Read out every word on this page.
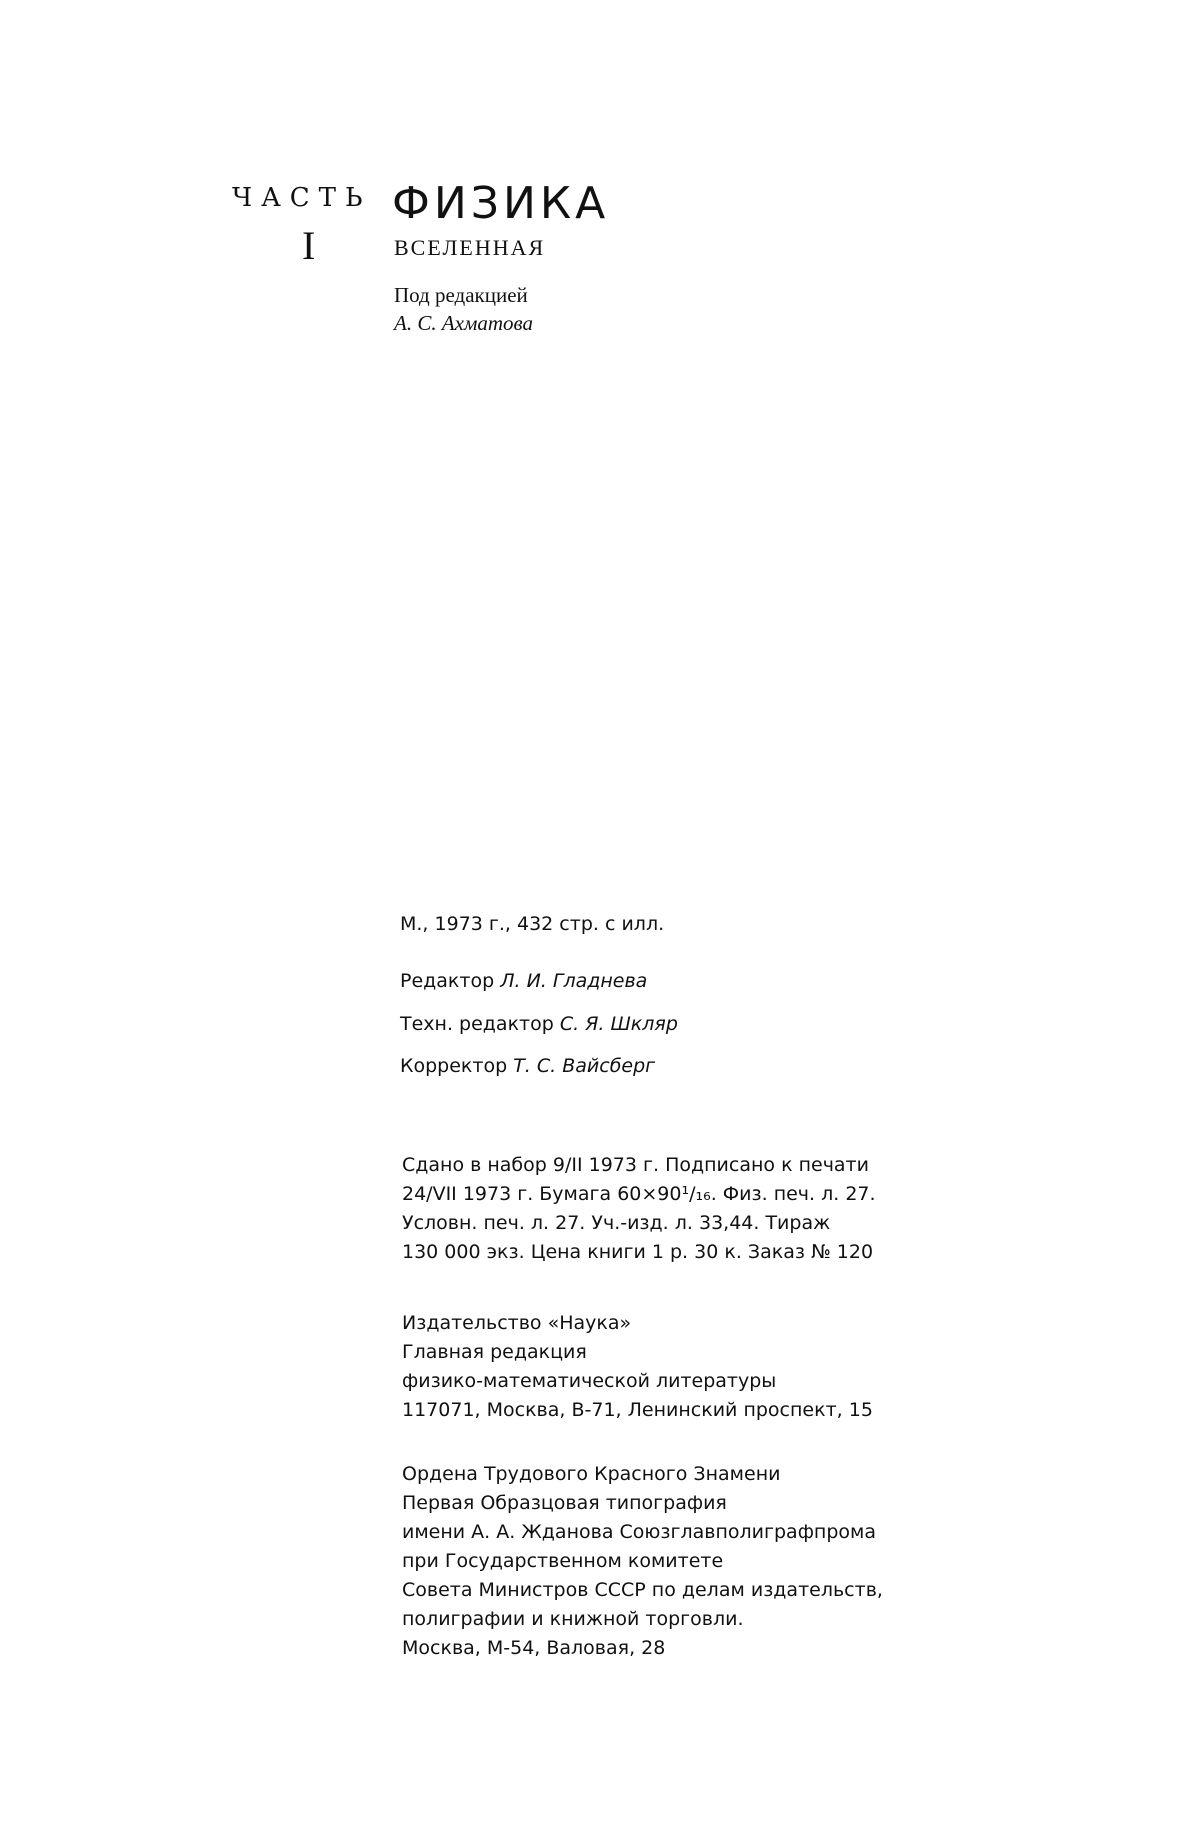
ЧАСТЬ
I
ФИЗИКА
ВСЕЛЕННАЯ
Под редакцией
А. С. Ахматова
М., 1973 г., 432 стр. с илл.
Редактор Л. И. Гладнева
Техн. редактор С. Я. Шкляр
Корректор Т. С. Вайсберг
Сдано в набор 9/II 1973 г. Подписано к печати
24/VII 1973 г. Бумага 60×90¹/₁₆. Физ. печ. л. 27.
Условн. печ. л. 27. Уч.-изд. л. 33,44. Тираж
130 000 экз. Цена книги 1 р. 30 к. Заказ № 120
Издательство «Наука»
Главная редакция
физико-математической литературы
117071, Москва, В-71, Ленинский проспект, 15
Ордена Трудового Красного Знамени
Первая Образцовая типография
имени А. А. Жданова Союзглавполиграфпрома
при Государственном комитете
Совета Министров СССР по делам издательств,
полиграфии и книжной торговли.
Москва, М-54, Валовая, 28
